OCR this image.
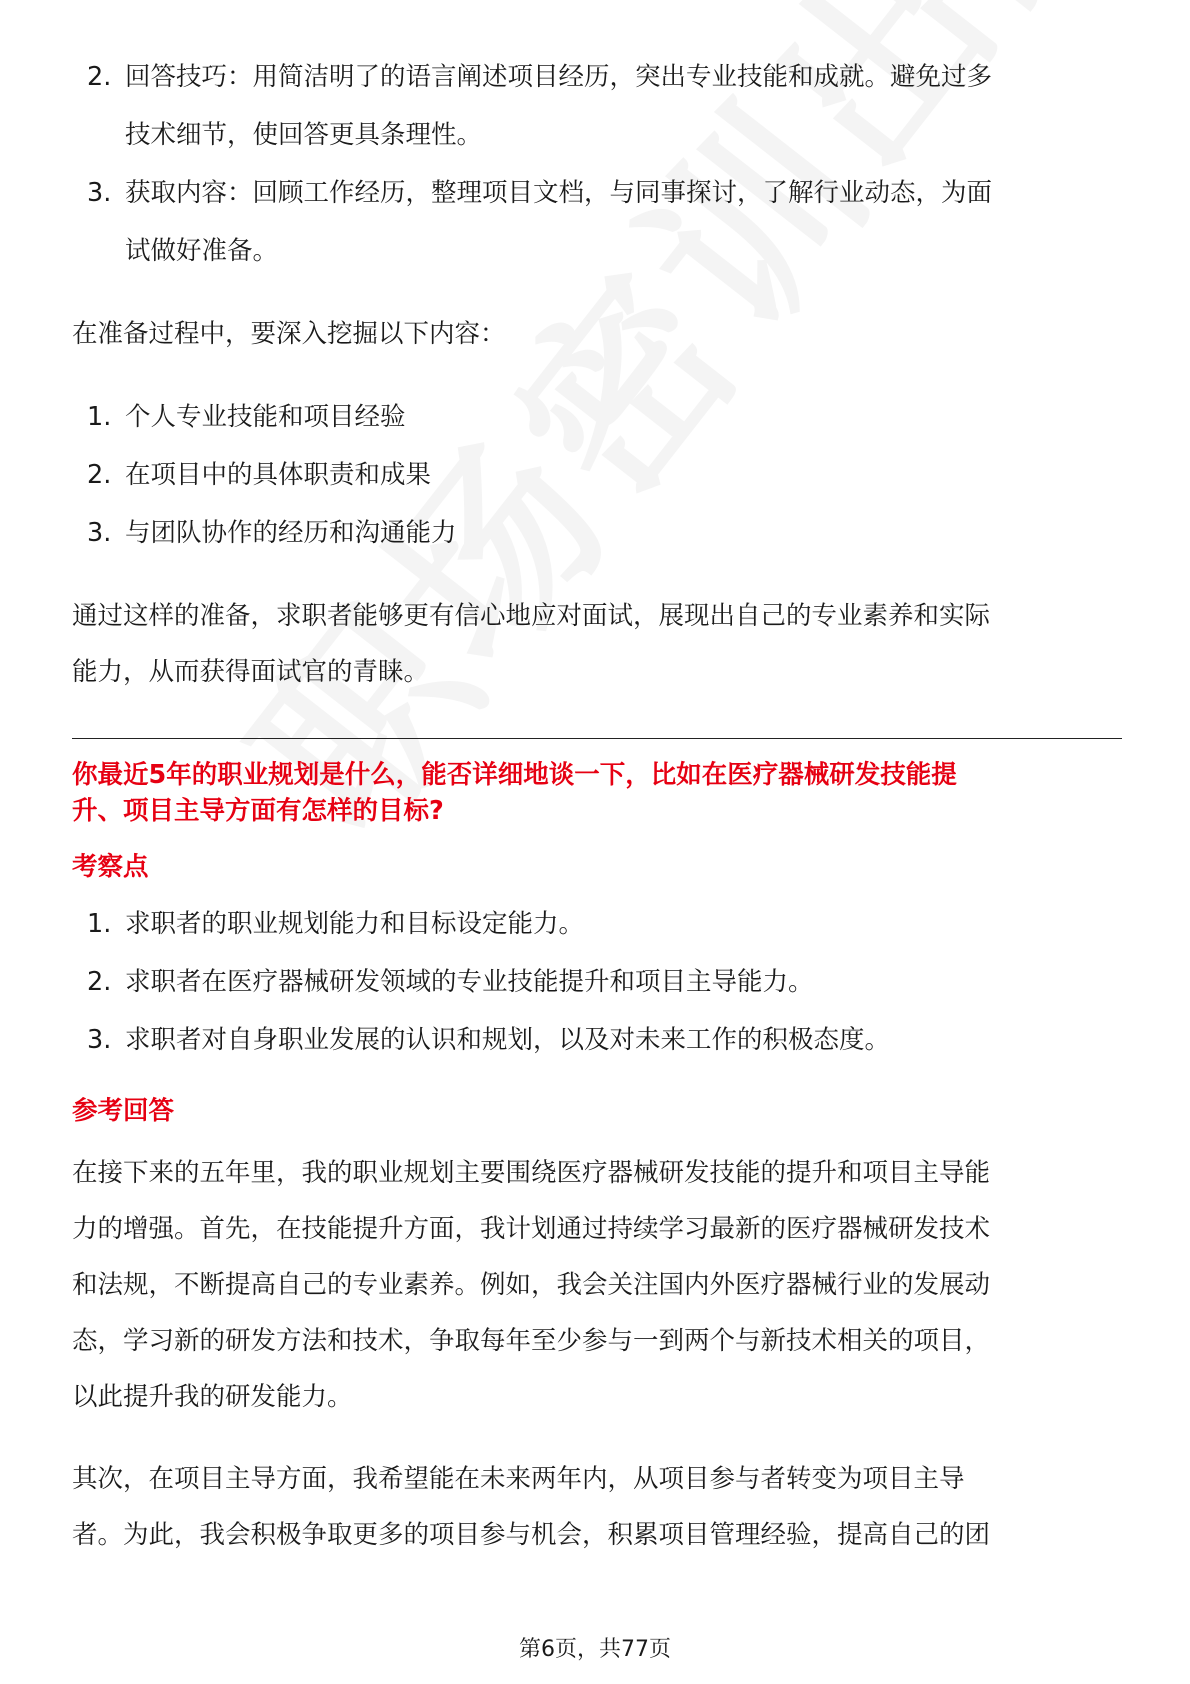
2. 回答技巧：用简洁明了的语言阐述项目经历，突出专业技能和成就。避免过多
技术细节，使回答更具条理性。
3. 获取内容：回顾工作经历，整理项目文档，与同事探讨，了解行业动态，为面
试做好准备。

在准备过程中，要深入挖掘以下内容：

1. 个人专业技能和项目经验
2. 在项目中的具体职责和成果
3. 与团队协作的经历和沟通能力

通过这样的准备，求职者能够更有信心地应对面试，展现出自己的专业素养和实际
能力，从而获得面试官的青睐。

你最近5年的职业规划是什么，能否详细地谈一下，比如在医疗器械研发技能提
升、项目主导方面有怎样的目标?
考察点
1. 求职者的职业规划能力和目标设定能力。
2. 求职者在医疗器械研发领域的专业技能提升和项目主导能力。
3. 求职者对自身职业发展的认识和规划，以及对未来工作的积极态度。
参考回答

在接下来的五年里，我的职业规划主要围绕医疗器械研发技能的提升和项目主导能
力的增强。首先，在技能提升方面，我计划通过持续学习最新的医疗器械研发技术
和法规，不断提高自己的专业素养。例如，我会关注国内外医疗器械行业的发展动
态，学习新的研发方法和技术，争取每年至少参与一到两个与新技术相关的项目，
以此提升我的研发能力。

其次，在项目主导方面，我希望能在未来两年内，从项目参与者转变为项目主导
者。为此，我会积极争取更多的项目参与机会，积累项目管理经验，提高自己的团

第6页，共77页
